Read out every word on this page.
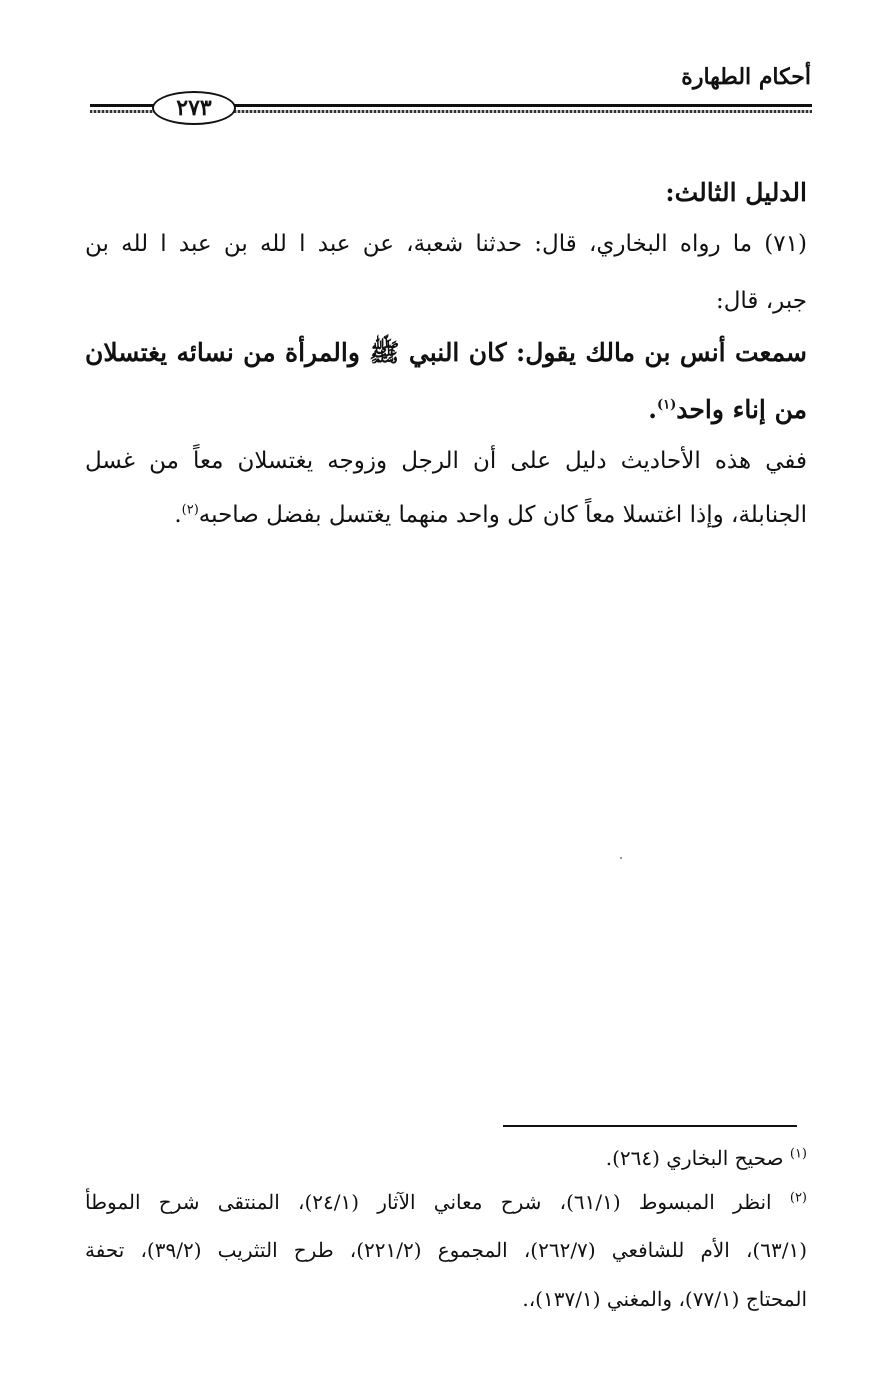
أحكام الطهارة
٢٧٣
الدليل الثالث:
(٧١) ما رواه البخاري، قال: حدثنا شعبة، عن عبد ا لله بن عبد ا لله بن
جبر، قال:
سمعت أنس بن مالك يقول: كان النبي ﷺ والمرأة من نسائه يغتسلان
من إناء واحد$^{(١)}$.
ففي هذه الأحاديث دليل على أن الرجل وزوجه يغتسلان معاً من غسل
الجنابلة، وإذا اغتسلا معاً كان كل واحد منهما يغتسل بفضل صاحبه$^{(٢)}$.
$^{(١)}$ صحيح البخاري (٢٦٤).
$^{(٢)}$ انظر المبسوط (٦١/١)، شرح معاني الآثار (٢٤/١)، المنتقى شرح الموطأ
(٦٣/١)، الأم للشافعي (٢٦٢/٧)، المجموع (٢٢١/٢)، طرح التثريب (٣٩/٢)، تحفة
المحتاج (٧٧/١)، والمغني (١٣٧/١)،.
